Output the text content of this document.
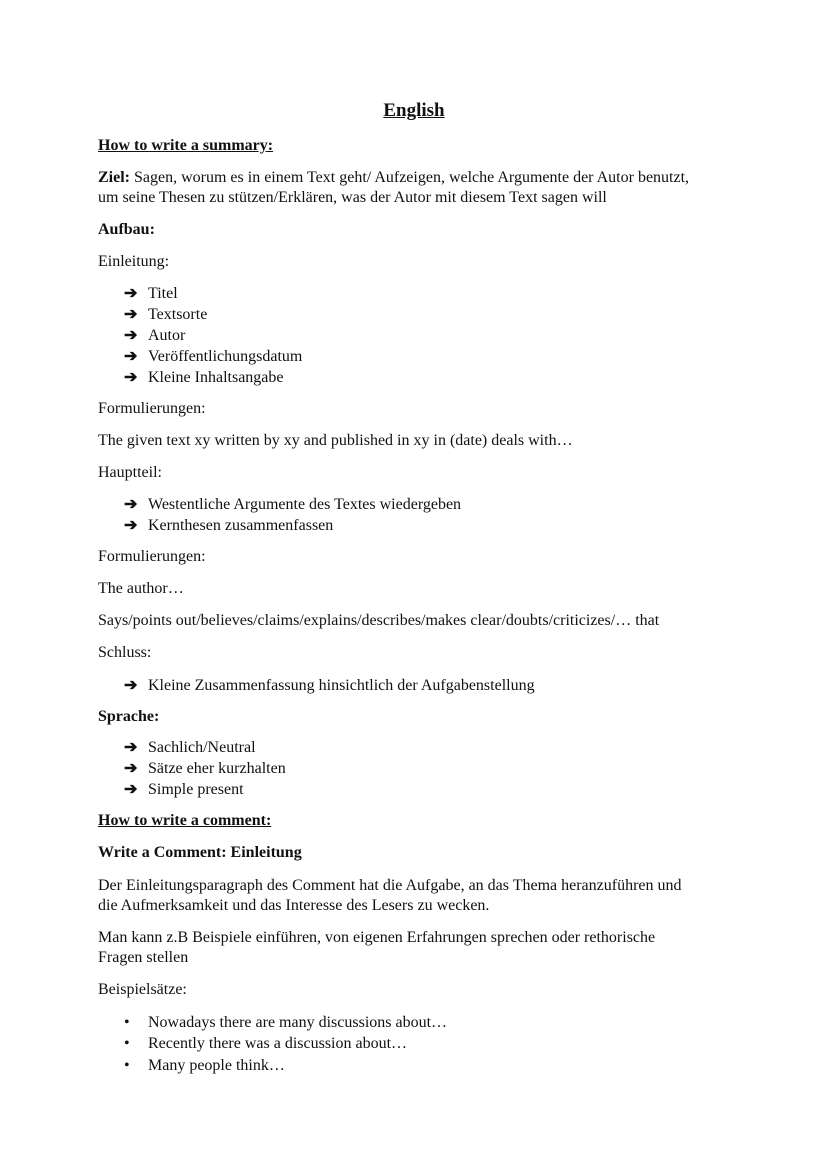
English
How to write a summary:
Ziel: Sagen, worum es in einem Text geht/ Aufzeigen, welche Argumente der Autor benutzt,
um seine Thesen zu stützen/Erklären, was der Autor mit diesem Text sagen will
Aufbau:
Einleitung:
➔ Titel
➔ Textsorte
➔ Autor
➔ Veröffentlichungsdatum
➔ Kleine Inhaltsangabe
Formulierungen:
The given text xy written by xy and published in xy in (date) deals with…
Hauptteil:
➔ Westentliche Argumente des Textes wiedergeben
➔ Kernthesen zusammenfassen
Formulierungen:
The author…
Says/points out/believes/claims/explains/describes/makes clear/doubts/criticizes/… that
Schluss:
➔ Kleine Zusammenfassung hinsichtlich der Aufgabenstellung
Sprache:
➔ Sachlich/Neutral
➔ Sätze eher kurzhalten
➔ Simple present
How to write a comment:
Write a Comment: Einleitung
Der Einleitungsparagraph des Comment hat die Aufgabe, an das Thema heranzuführen und
die Aufmerksamkeit und das Interesse des Lesers zu wecken.
Man kann z.B Beispiele einführen, von eigenen Erfahrungen sprechen oder rethorische
Fragen stellen
Beispielsätze:
• Nowadays there are many discussions about…
• Recently there was a discussion about…
• Many people think…
